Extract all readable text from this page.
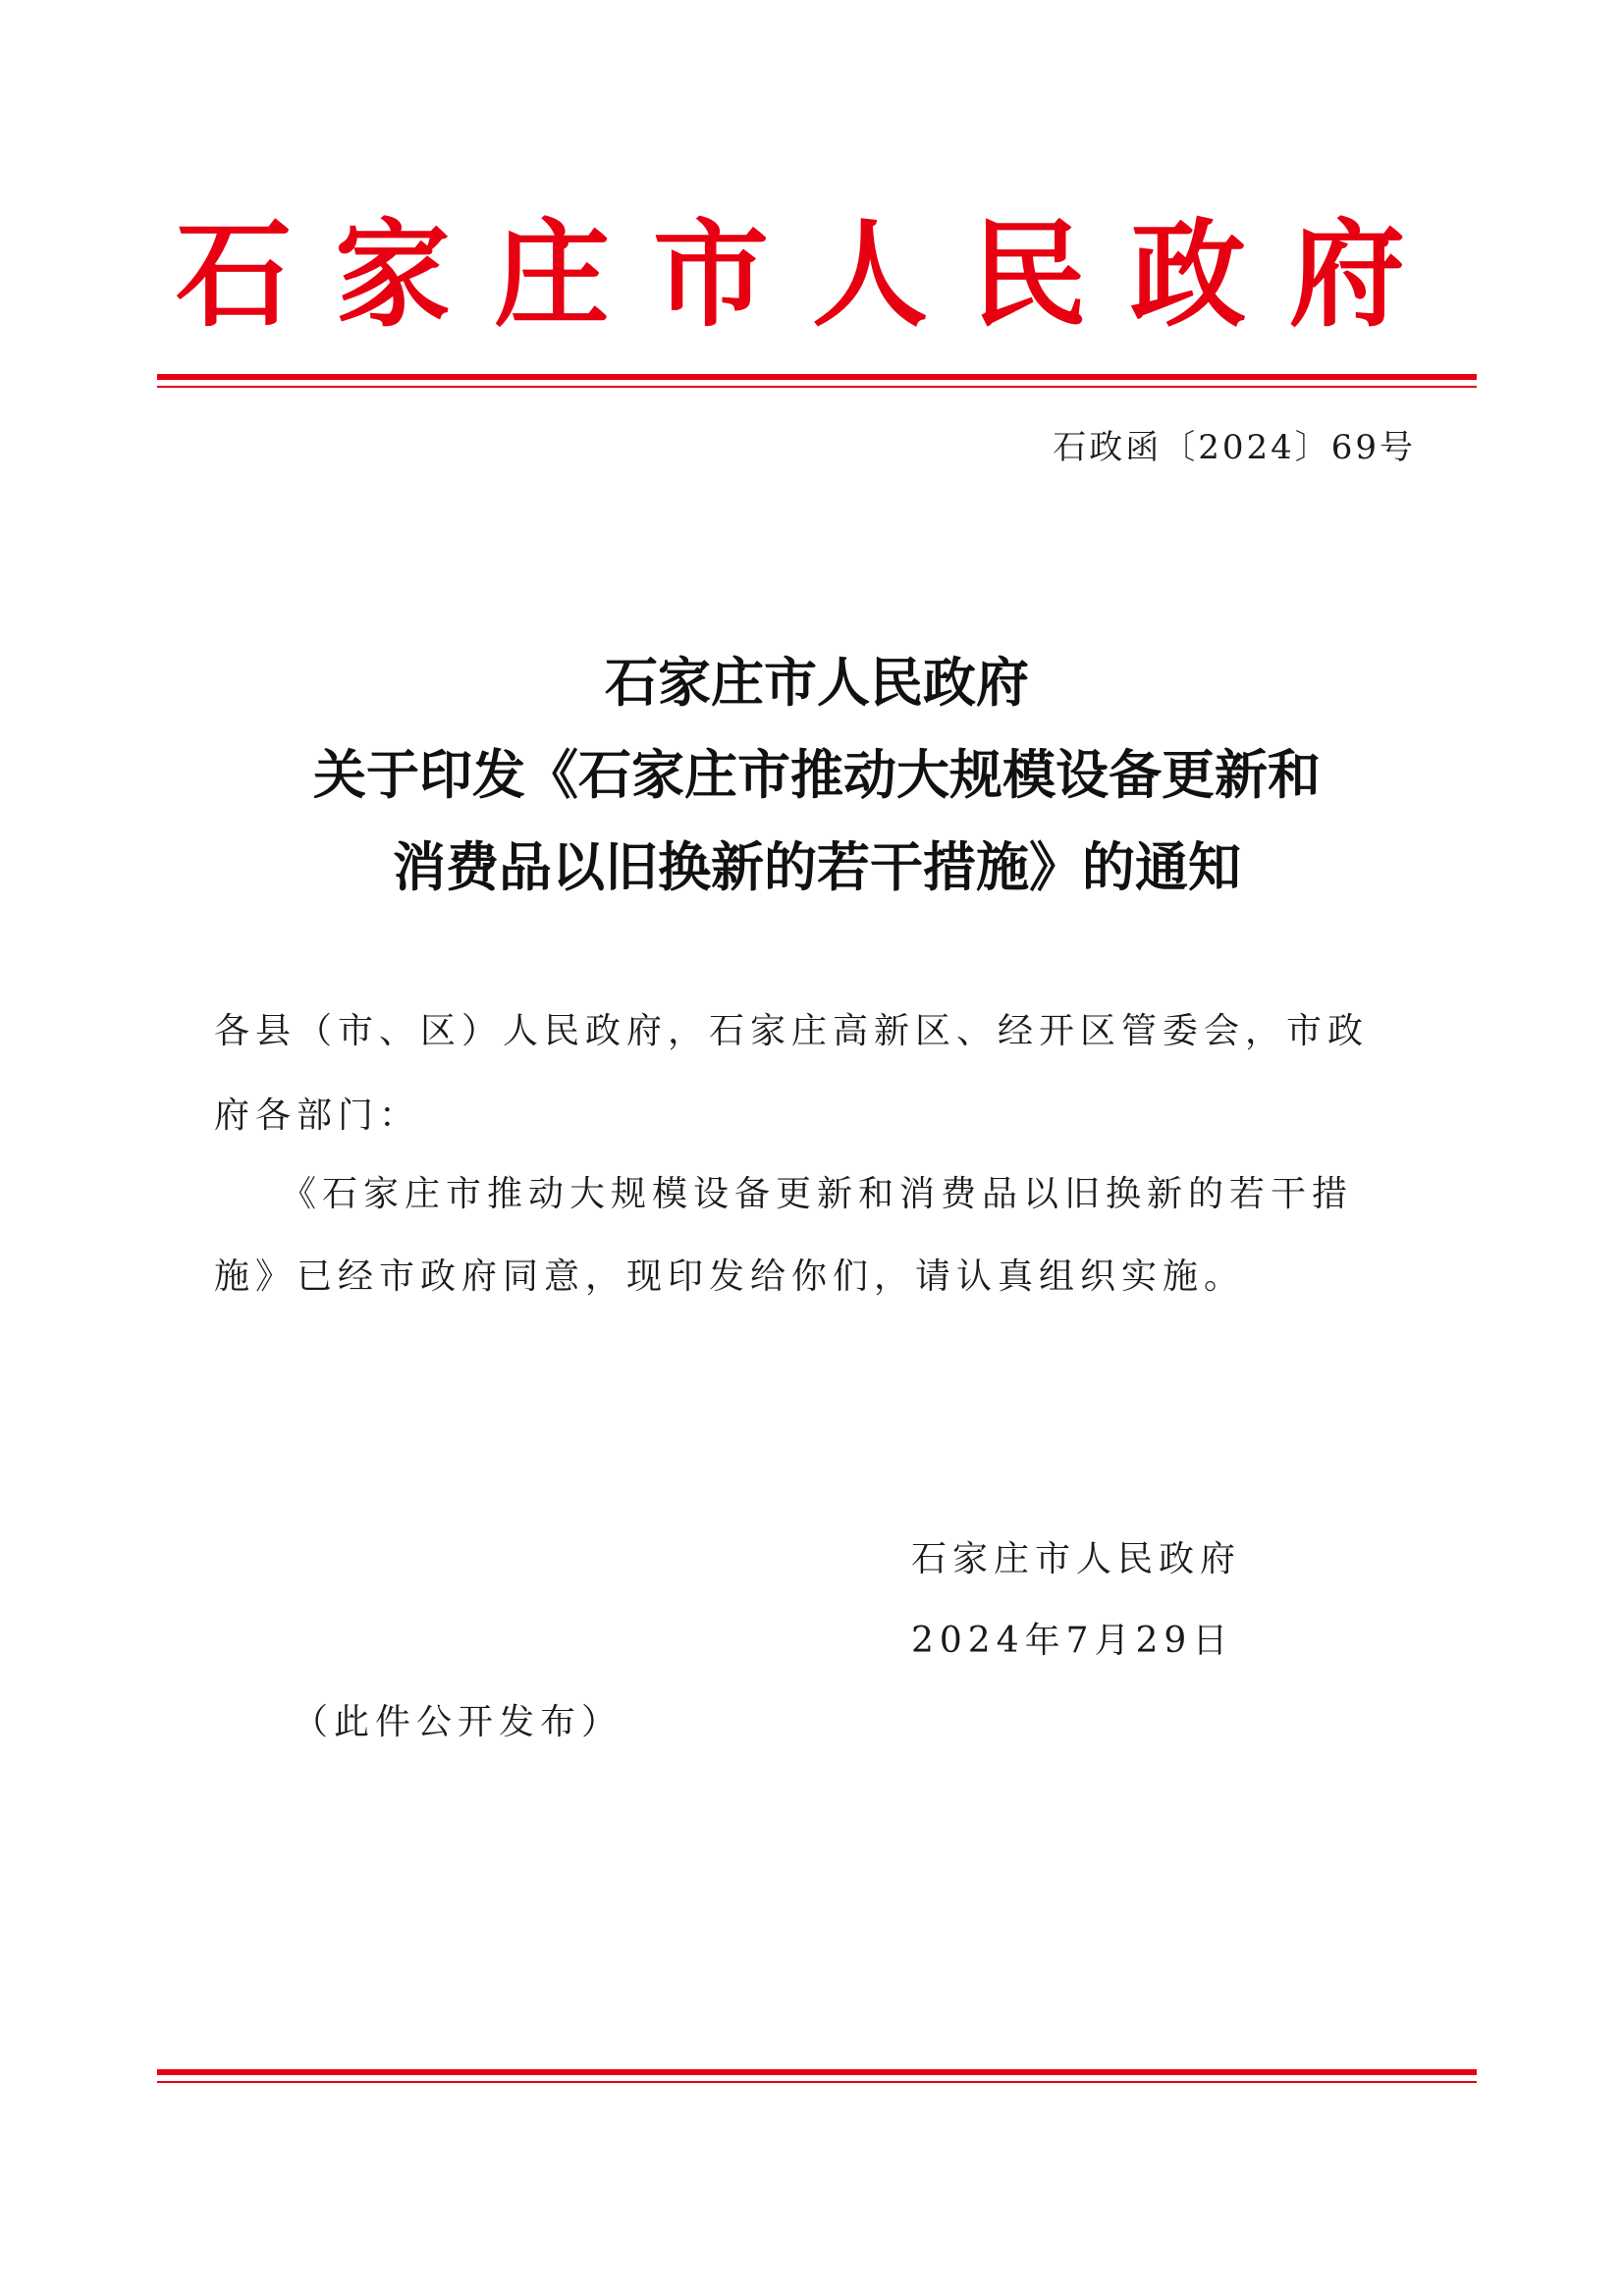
石家庄市人民政府
石政函〔2024〕69号
石家庄市人民政府
关于印发《石家庄市推动大规模设备更新和
消费品以旧换新的若干措施》的通知
各县（市、区）人民政府，石家庄高新区、经开区管委会，市政
府各部门：
《石家庄市推动大规模设备更新和消费品以旧换新的若干措
施》已经市政府同意，现印发给你们，请认真组织实施。
石家庄市人民政府
2024年7月29日
（此件公开发布）
